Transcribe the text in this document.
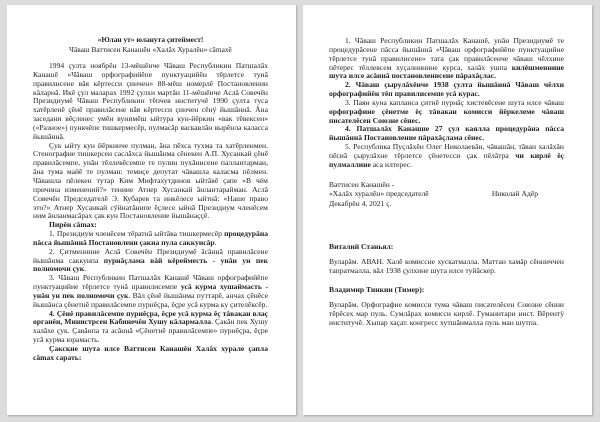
«Юлан ут» юланута çитеймест!

Чăваш Ваттисен Канашĕн «Халăх Хуралĕн» cămахĕ

1994 çулта ноябрĕн 13-мĕшĕнче Чăваш Республикин Патшалăх Канашĕ «Чăваш орфографийĕпе пунктуацийĕн тĕрлетсе тунă правилисене вăя кĕртесси çинчен» 88-мĕш номерлĕ Постановленин кăларнă. Икĕ çул маларах 1992 çулхи мартăн 11-мĕшĕнче Аслă Совечĕн Президиумĕ Чăваш Республикин тĕпчев институчĕ 1990 çулта туса хатĕрленĕ çĕнĕ правилăсене вăя кĕртесси çинчен сĕнÿ йышăннă. Ăна заседани вĕçленес умĕн вунимĕш ыйтура кун-йĕркин «вак тĕвексен» («Разное») пункчĕпе тишкермесĕр, пулмасăр васкавлăн вырĕнла каласса йышăннă.

Çук ыйту кун йĕркинче пулман, ăна пĕхса тухма та хатĕрленмен. Стенографие тишкерсен саслăхса йышăнма сĕнекен А.П. Хусанкай çĕнĕ правилăсемпе, унăн тĕллевĕсемпе те пулин пухăнисене паллантармаи, ăна тума майĕ те пулман: темиçе депутат чăвашла каласма пĕлмен. Чăвашла пĕлекен тутар Ким Мифтахутдинов ыйтăвĕ çапе «В чём причина изменений?» тениие Атнер Хусанкай ăнлантарайман. Аслă Совечĕн Председателĕ Э. Кубарев та инкĕлесе ыйтнă: «Наше право это?» Атнер Хусанкай сÿйнатăнипе ĕçлесе ыйнă Президиум членĕсем ним ăнланмасăрах çак кун Постановление йышăнаççĕ.

Пирĕн cămах:

1. Президиум членĕсем тĕратнă ыйтăва тишкермесĕр процедурăна пăсса йышăннă Постановлени çакна пула саккунсăр.

2. Çитменнине Аслă Совечĕн Президиумĕ ăсăннă правилăсене йышăнма саккунпа пурнăçлама вăй кĕрейместь - унăн ун пек полномочи çук.

3. Чăваш Республикин Патшалăх Канашĕ Чăваш орфографийĕпе пунктуацийне тĕрлетсе тунă правилисемпе усă курма хушаймасть - унăн ун пек полномочи çук. Вăл çĕнĕ йышăнма путтарĕ, анчах çĕнĕсе йышăнса çĕнетнĕ правилăсемпе пурнĕçра, ĕçре усă курма ку çителĕксĕр.

4. Çĕнĕ правилăсемпе пурнĕçра, ĕçре усă курма ĕç тăвакан влаç органĕн, Министрсен Кабинечĕн Хушу кăлармалла. Çакăн пек Хушу халăхе çук. Çавăнпа та асăннă «Çĕнетнĕ правилăсемпе» пурнĕçра, ĕçре усă курма юрамасть.

Çакскне шута илсе Ваттисен Канашĕн Халăх хурале çапла cămах сарать:

1. Чăваш Республикин Патшалăх Канашĕ, унăн Президиумĕ те процедурăсене пăсса йышăннă «Чăваш орфографийĕпе пунктуацийне тĕрлетсе тунă правилисене» тата çак правилăсенче чăваш чĕлхине пĕтерес тĕллевсем хуçалнинине курса, халăх ушпа килĕшменнине шута илсе асăннă постановленисене пăрахăçлас.

2. Чăваш çырулăхĕнче 1938 çулта йышăннă Чăваш чĕлхи орфографийĕн тĕп правилисемпе усă курас.

3. Паян куна капланса çитнĕ пурнăç хистевĕсене шута илсе чăваш орфографине çĕнетме ĕç тăвакан комисси йĕркелеме чăваш писателĕсен Союзне сĕнес.

4. Патшалăх Канашне 27 çул каялла процедурăна пăсса йышăннă Постановление пăрахăçлама сĕнес.

5. Республика Пуçлăхĕн Олег Николаевăн, чăвашăн, тăван халăхăн пĕсиă çырулăхне тĕрлетсе çĕнетесси çак пĕлăтра чи кирлĕ ĕç пулмаллине аса илтерес.

Ваттисен Канашĕн -

«Халăх хуралĕн» председателĕ	Николай Адĕр

Декабрĕн 4, 2021 ç.

Виталий Станьял:

Вуларăм. АВАН. Халĕ комиссие хускатмалла. Маттан хамăр сĕнниччен тапратмалла, вăл 1938 çулхине шута илсе туйăскер.

Владимир Тинкин (Тимер):

Вуларăм. Орфографие комисси тума чăваш писателĕсен Союзне сĕнни тĕрĕсех мар пуль. Сумлăрах комисси кирлĕ. Гуманитари инст. Вĕрентÿ институчĕ. Хыпар хаçат. конгресс хутшăнмалла пуль ман шутпа.
